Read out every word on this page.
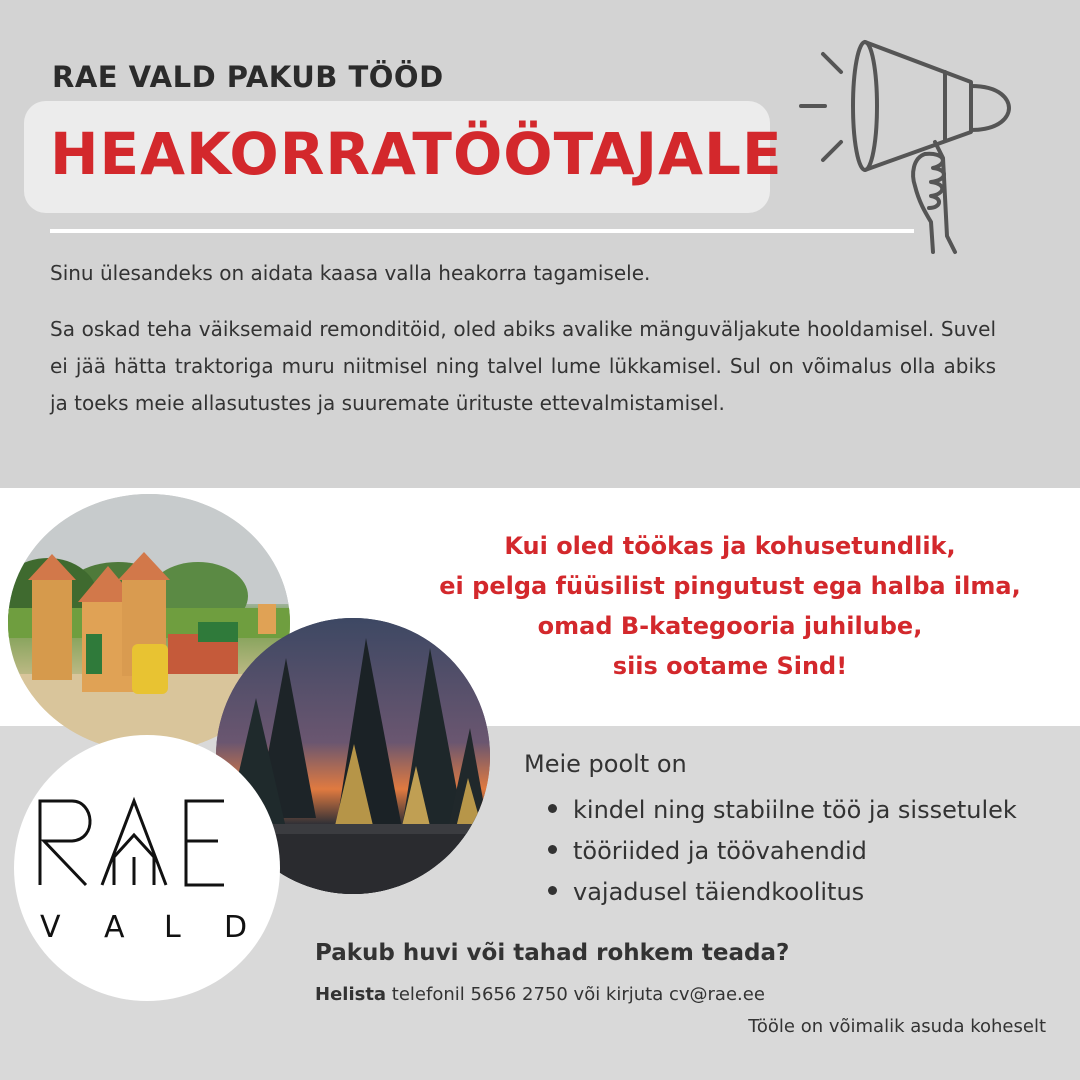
RAE VALD PAKUB TÖÖD
HEAKORRATÖÖTAJALE
Sinu ülesandeks on aidata kaasa valla heakorra tagamisele.
Sa oskad teha väiksemaid remonditöid, oled abiks avalike mänguväljakute hooldamisel. Suvel ei jää hätta traktoriga muru niitmisel ning talvel lume lükkamisel. Sul on võimalus olla abiks ja toeks meie allasutustes ja suuremate ürituste ettevalmistamisel.
V A L D
Kui oled töökas ja kohusetundlik,
ei pelga füüsilist pingutust ega halba ilma,
omad B-kategooria juhilube,
siis ootame Sind!
Meie poolt on
kindel ning stabiilne töö ja sissetulek
tööriided ja töövahendid
vajadusel täiendkoolitus
Pakub huvi või tahad rohkem teada?
Helista telefonil 5656 2750 või kirjuta cv@rae.ee
Tööle on võimalik asuda koheselt
